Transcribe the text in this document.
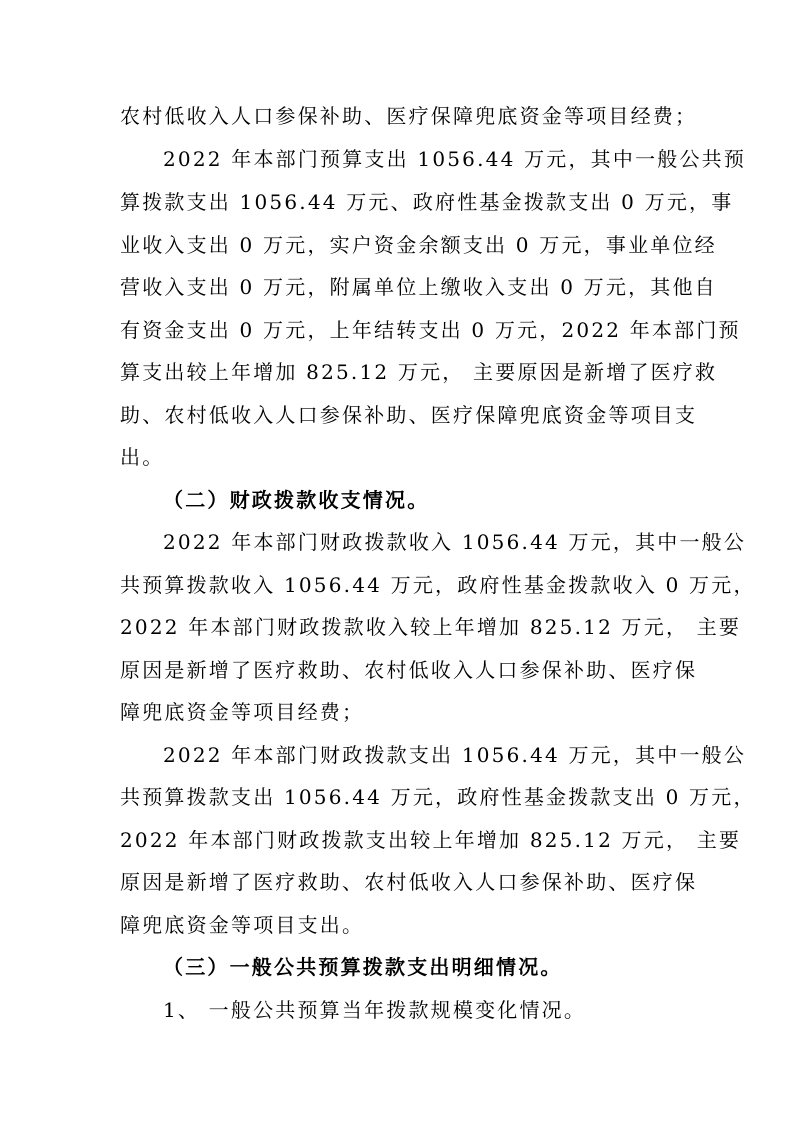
农村低收入人口参保补助、医疗保障兜底资金等项目经费；
2022 年本部门预算支出 1056.44 万元，其中一般公共预
算拨款支出 1056.44 万元、政府性基金拨款支出 0 万元，事
业收入支出 0 万元，实户资金余额支出 0 万元，事业单位经
营收入支出 0 万元，附属单位上缴收入支出 0 万元，其他自
有资金支出 0 万元，上年结转支出 0 万元，2022 年本部门预
算支出较上年增加 825.12 万元， 主要原因是新增了医疗救
助、农村低收入人口参保补助、医疗保障兜底资金等项目支
出。
（二）财政拨款收支情况。
2022 年本部门财政拨款收入 1056.44 万元，其中一般公
共预算拨款收入 1056.44 万元，政府性基金拨款收入 0 万元，
2022 年本部门财政拨款收入较上年增加 825.12 万元， 主要
原因是新增了医疗救助、农村低收入人口参保补助、医疗保
障兜底资金等项目经费；
2022 年本部门财政拨款支出 1056.44 万元，其中一般公
共预算拨款支出 1056.44 万元，政府性基金拨款支出 0 万元，
2022 年本部门财政拨款支出较上年增加 825.12 万元， 主要
原因是新增了医疗救助、农村低收入人口参保补助、医疗保
障兜底资金等项目支出。
（三）一般公共预算拨款支出明细情况。
1、 一般公共预算当年拨款规模变化情况。
